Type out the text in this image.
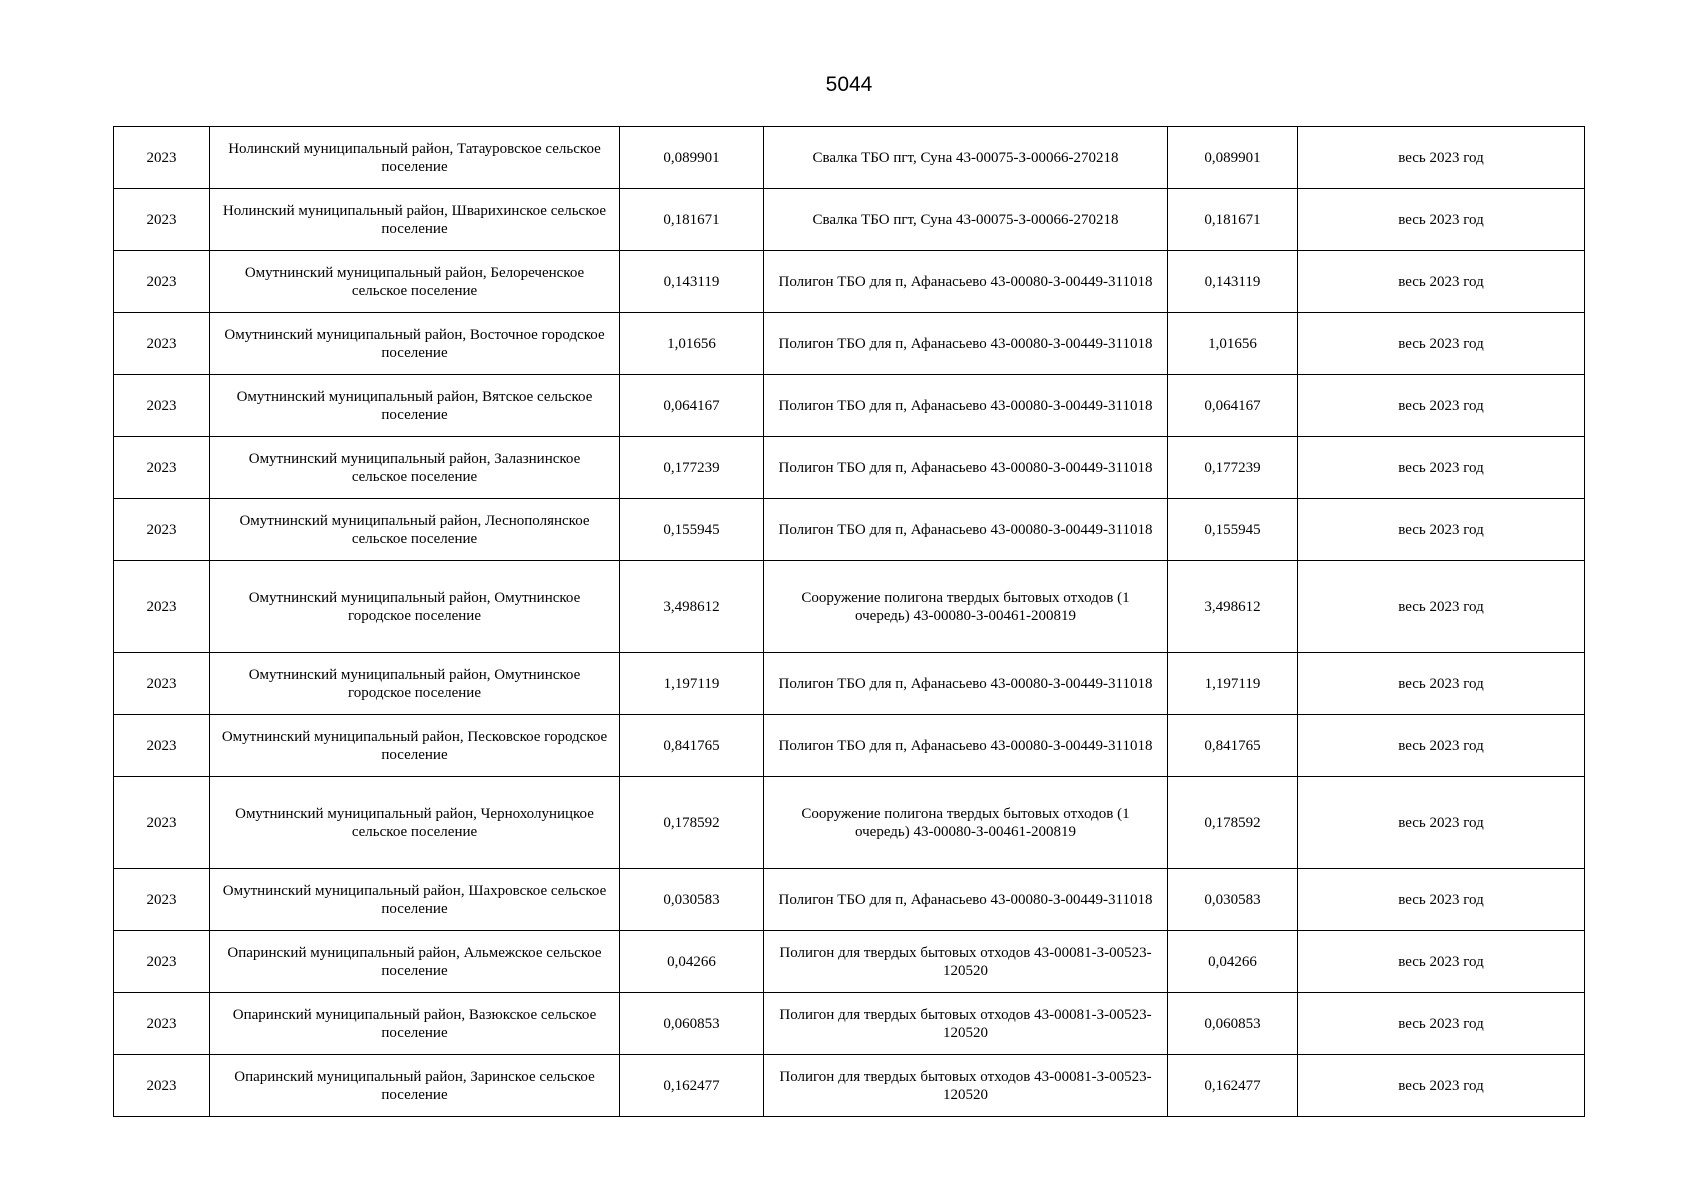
5044
2023	Нолинский муниципальный район, Татауровское сельское поселение	0,089901	Свалка ТБО пгт, Суна 43-00075-З-00066-270218	0,089901	весь 2023 год
2023	Нолинский муниципальный район, Шварихинское сельское поселение	0,181671	Свалка ТБО пгт, Суна 43-00075-З-00066-270218	0,181671	весь 2023 год
2023	Омутнинский муниципальный район, Белореченское сельское поселение	0,143119	Полигон ТБО для п, Афанасьево 43-00080-З-00449-311018	0,143119	весь 2023 год
2023	Омутнинский муниципальный район, Восточное городское поселение	1,01656	Полигон ТБО для п, Афанасьево 43-00080-З-00449-311018	1,01656	весь 2023 год
2023	Омутнинский муниципальный район, Вятское сельское поселение	0,064167	Полигон ТБО для п, Афанасьево 43-00080-З-00449-311018	0,064167	весь 2023 год
2023	Омутнинский муниципальный район, Залазнинское сельское поселение	0,177239	Полигон ТБО для п, Афанасьево 43-00080-З-00449-311018	0,177239	весь 2023 год
2023	Омутнинский муниципальный район, Леснополянское сельское поселение	0,155945	Полигон ТБО для п, Афанасьево 43-00080-З-00449-311018	0,155945	весь 2023 год
2023	Омутнинский муниципальный район, Омутнинское городское поселение	3,498612	Сооружение полигона твердых бытовых отходов (1 очередь) 43-00080-З-00461-200819	3,498612	весь 2023 год
2023	Омутнинский муниципальный район, Омутнинское городское поселение	1,197119	Полигон ТБО для п, Афанасьево 43-00080-З-00449-311018	1,197119	весь 2023 год
2023	Омутнинский муниципальный район, Песковское городское поселение	0,841765	Полигон ТБО для п, Афанасьево 43-00080-З-00449-311018	0,841765	весь 2023 год
2023	Омутнинский муниципальный район, Чернохолуницкое сельское поселение	0,178592	Сооружение полигона твердых бытовых отходов (1 очередь) 43-00080-З-00461-200819	0,178592	весь 2023 год
2023	Омутнинский муниципальный район, Шахровское сельское поселение	0,030583	Полигон ТБО для п, Афанасьево 43-00080-З-00449-311018	0,030583	весь 2023 год
2023	Опаринский муниципальный район, Альмежское сельское поселение	0,04266	Полигон для твердых бытовых отходов 43-00081-З-00523-120520	0,04266	весь 2023 год
2023	Опаринский муниципальный район, Вазюкское сельское поселение	0,060853	Полигон для твердых бытовых отходов 43-00081-З-00523-120520	0,060853	весь 2023 год
2023	Опаринский муниципальный район, Заринское сельское поселение	0,162477	Полигон для твердых бытовых отходов 43-00081-З-00523-120520	0,162477	весь 2023 год
